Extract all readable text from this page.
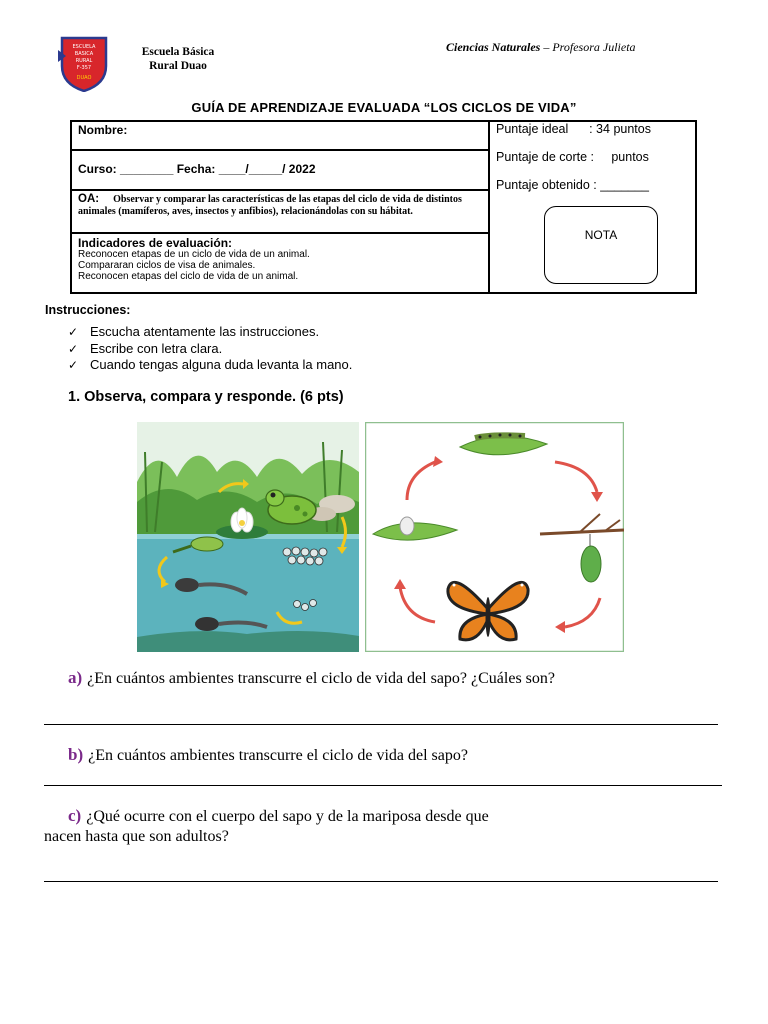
ESCUELA
BASICA
RURAL
F-357
DUAO
Escuela Básica
Rural Duao
Ciencias Naturales – Profesora Julieta
GUÍA DE APRENDIZAJE EVALUADA “LOS CICLOS DE VIDA”
Nombre:
Curso: ________ Fecha: ____/_____/ 2022
OA: Observar y comparar las características de las etapas del ciclo de vida de distintos animales (mamíferos, aves, insectos y anfibios), relacionándolas con su hábitat.
Indicadores de evaluación:
Reconocen etapas de un ciclo de vida de un animal.
Compararan ciclos de visa de animales.
Reconocen etapas del ciclo de vida de un animal.
Puntaje ideal      : 34 puntos
Puntaje de corte :     puntos
Puntaje obtenido : _______
NOTA
Instrucciones:
✓ Escucha atentamente las instrucciones.
✓ Escribe con letra clara.
✓ Cuando tengas alguna duda levanta la mano.
1. Observa, compara y responde. (6 pts)
a) ¿En cuántos ambientes transcurre el ciclo de vida del sapo? ¿Cuáles son?
b) ¿En cuántos ambientes transcurre el ciclo de vida del sapo?
c) ¿Qué ocurre con el cuerpo del sapo y de la mariposa desde que
nacen hasta que son adultos?
